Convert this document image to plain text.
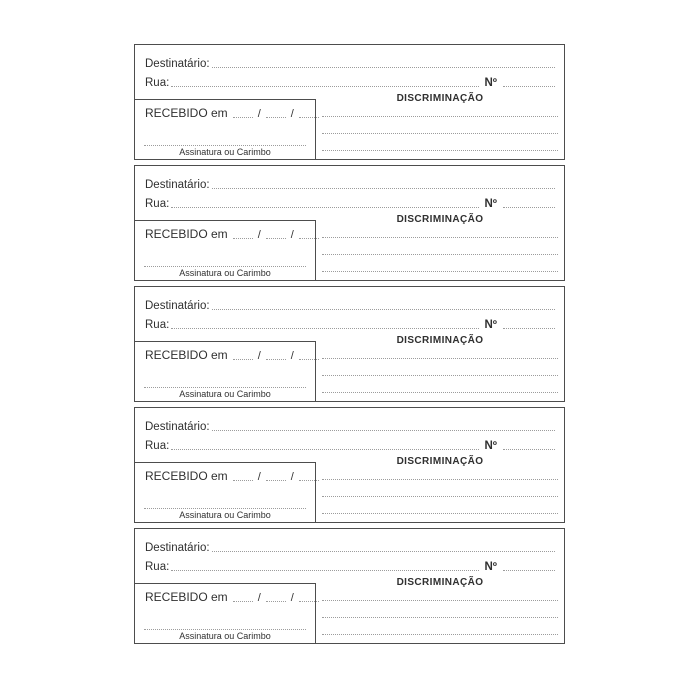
Destinatário:
Rua:	Nº
RECEBIDO em	/	/
Assinatura ou Carimbo
DISCRIMINAÇÃO
Destinatário:
Rua:	Nº
RECEBIDO em	/	/
Assinatura ou Carimbo
DISCRIMINAÇÃO
Destinatário:
Rua:	Nº
RECEBIDO em	/	/
Assinatura ou Carimbo
DISCRIMINAÇÃO
Destinatário:
Rua:	Nº
RECEBIDO em	/	/
Assinatura ou Carimbo
DISCRIMINAÇÃO
Destinatário:
Rua:	Nº
RECEBIDO em	/	/
Assinatura ou Carimbo
DISCRIMINAÇÃO
